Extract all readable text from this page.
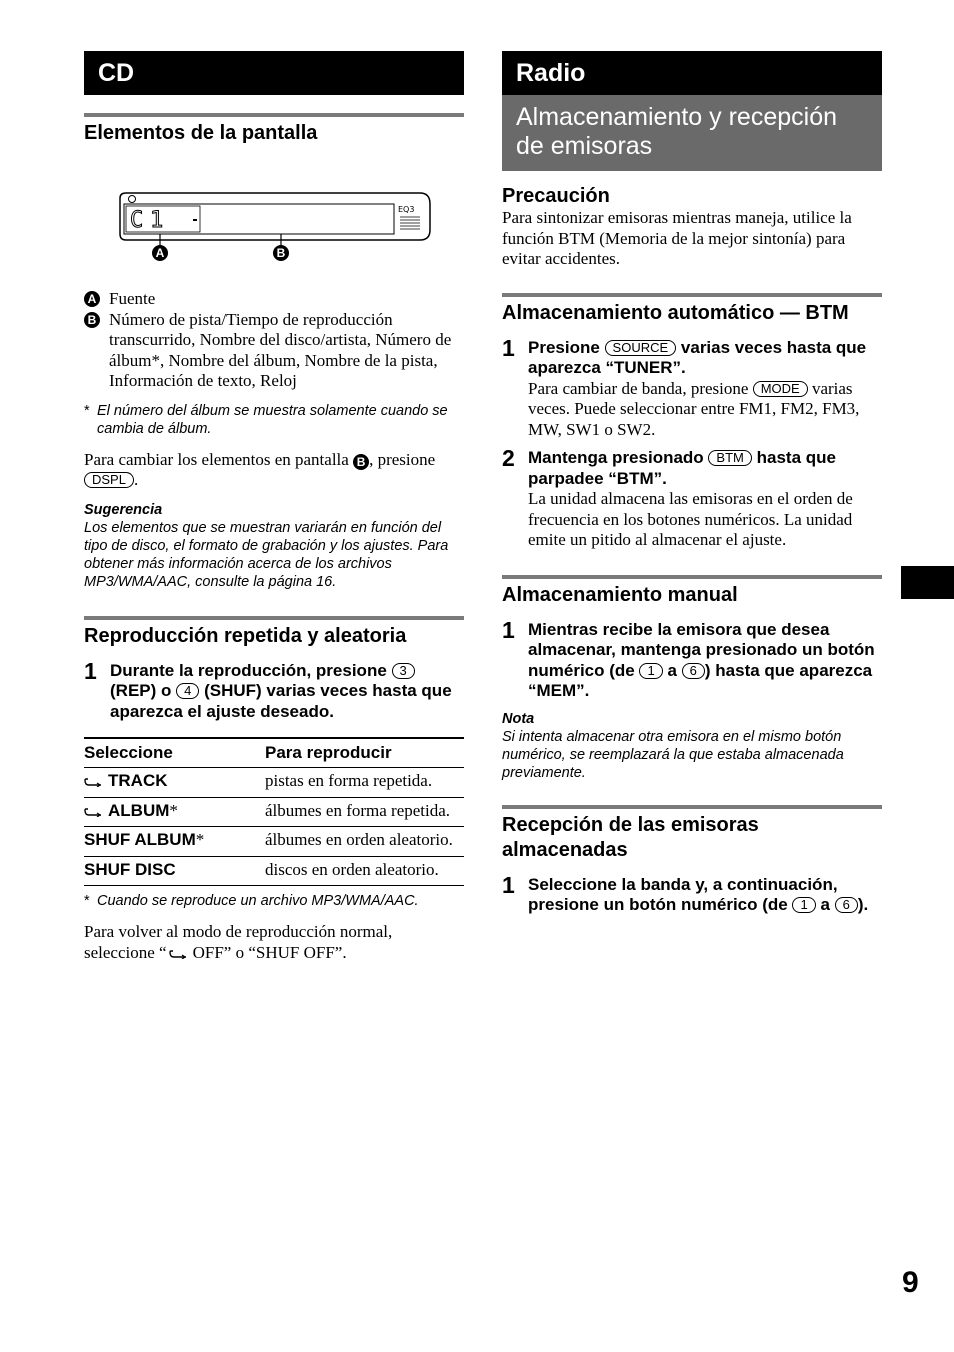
CD
Elementos de la pantalla
C 1	EQ3
A	B
A Fuente
B Número de pista/Tiempo de reproducción transcurrido, Nombre del disco/artista, Número de álbum*, Nombre del álbum, Nombre de la pista, Información de texto, Reloj
* El número del álbum se muestra solamente cuando se cambia de álbum.
Para cambiar los elementos en pantalla B , presione DSPL .
Sugerencia
Los elementos que se muestran variarán en función del tipo de disco, el formato de grabación y los ajustes. Para obtener más información acerca de los archivos MP3/WMA/AAC, consulte la página 16.
Reproducción repetida y aleatoria
1 Durante la reproducción, presione 3 (REP) o 4 (SHUF) varias veces hasta que aparezca el ajuste deseado.
Seleccione	Para reproducir
TRACK	pistas en forma repetida.
ALBUM*	álbumes en forma repetida.
SHUF ALBUM*	álbumes en orden aleatorio.
SHUF DISC	discos en orden aleatorio.
* Cuando se reproduce un archivo MP3/WMA/AAC.
Para volver al modo de reproducción normal, seleccione “ OFF” o “SHUF OFF”.
Radio
Almacenamiento y recepción de emisoras
Precaución
Para sintonizar emisoras mientras maneja, utilice la función BTM (Memoria de la mejor sintonía) para evitar accidentes.
Almacenamiento automático — BTM
1 Presione SOURCE varias veces hasta que aparezca “TUNER”.
Para cambiar de banda, presione MODE varias veces. Puede seleccionar entre FM1, FM2, FM3, MW, SW1 o SW2.
2 Mantenga presionado BTM hasta que parpadee “BTM”.
La unidad almacena las emisoras en el orden de frecuencia en los botones numéricos. La unidad emite un pitido al almacenar el ajuste.
Almacenamiento manual
1 Mientras recibe la emisora que desea almacenar, mantenga presionado un botón numérico (de 1 a 6 ) hasta que aparezca “MEM”.
Nota
Si intenta almacenar otra emisora en el mismo botón numérico, se reemplazará la que estaba almacenada previamente.
Recepción de las emisoras almacenadas
1 Seleccione la banda y, a continuación, presione un botón numérico (de 1 a 6 ).
9
